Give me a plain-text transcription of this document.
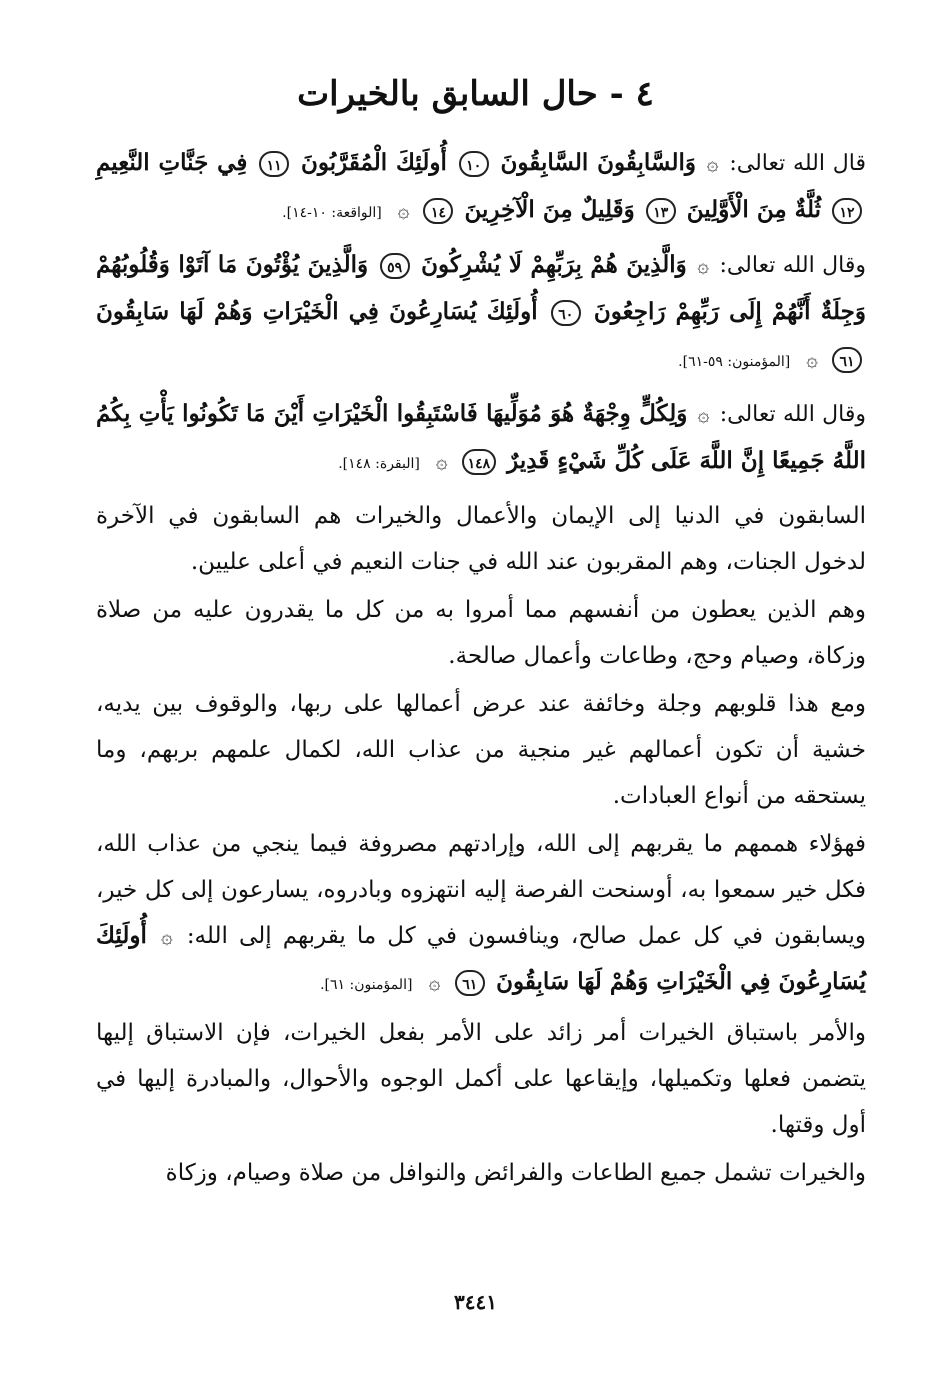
٤ - حال السابق بالخيرات

قال الله تعالى: ۞ وَالسَّابِقُونَ السَّابِقُونَ ١٠ أُولَئِكَ الْمُقَرَّبُونَ ١١ فِي جَنَّاتِ النَّعِيمِ ١٢ ثُلَّةٌ مِنَ الْأَوَّلِينَ ١٣ وَقَلِيلٌ مِنَ الْآخِرِينَ ١٤ ۞ [الواقعة: ١٠-١٤].

وقال الله تعالى: ۞ وَالَّذِينَ هُمْ بِرَبِّهِمْ لَا يُشْرِكُونَ ٥٩ وَالَّذِينَ يُؤْتُونَ مَا آتَوْا وَقُلُوبُهُمْ وَجِلَةٌ أَنَّهُمْ إِلَى رَبِّهِمْ رَاجِعُونَ ٦٠ أُولَئِكَ يُسَارِعُونَ فِي الْخَيْرَاتِ وَهُمْ لَهَا سَابِقُونَ ٦١ ۞ [المؤمنون: ٥٩-٦١].

وقال الله تعالى: ۞ وَلِكُلٍّ وِجْهَةٌ هُوَ مُوَلِّيهَا فَاسْتَبِقُوا الْخَيْرَاتِ أَيْنَ مَا تَكُونُوا يَأْتِ بِكُمُ اللَّهُ جَمِيعًا إِنَّ اللَّهَ عَلَى كُلِّ شَيْءٍ قَدِيرٌ ١٤٨ ۞ [البقرة: ١٤٨].

السابقون في الدنيا إلى الإيمان والأعمال والخيرات هم السابقون في الآخرة لدخول الجنات، وهم المقربون عند الله في جنات النعيم في أعلى عليين.

وهم الذين يعطون من أنفسهم مما أمروا به من كل ما يقدرون عليه من صلاة وزكاة، وصيام وحج، وطاعات وأعمال صالحة.

ومع هذا قلوبهم وجلة وخائفة عند عرض أعمالها على ربها، والوقوف بين يديه، خشية أن تكون أعمالهم غير منجية من عذاب الله، لكمال علمهم بربهم، وما يستحقه من أنواع العبادات.

فهؤلاء هممهم ما يقربهم إلى الله، وإرادتهم مصروفة فيما ينجي من عذاب الله، فكل خير سمعوا به، أوسنحت الفرصة إليه انتهزوه وبادروه، يسارعون إلى كل خير، ويسابقون في كل عمل صالح، وينافسون في كل ما يقربهم إلى الله: ۞ أُولَئِكَ يُسَارِعُونَ فِي الْخَيْرَاتِ وَهُمْ لَهَا سَابِقُونَ ٦١ ۞ [المؤمنون: ٦١].

والأمر باستباق الخيرات أمر زائد على الأمر بفعل الخيرات، فإن الاستباق إليها يتضمن فعلها وتكميلها، وإيقاعها على أكمل الوجوه والأحوال، والمبادرة إليها في أول وقتها.

والخيرات تشمل جميع الطاعات والفرائض والنوافل من صلاة وصيام، وزكاة

٣٤٤١
